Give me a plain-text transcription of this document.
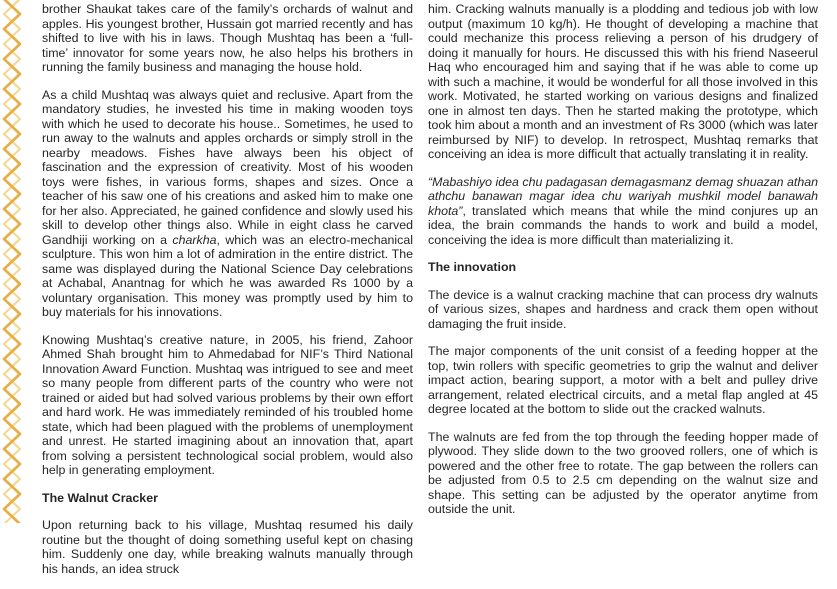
brother Shaukat takes care of the family’s orchards of walnut and apples. His youngest brother, Hussain got married recently and has shifted to live with his in laws. Though Mushtaq has been a ‘full-time’ innovator for some years now, he also helps his brothers in running the family business and managing the house hold.

As a child Mushtaq was always quiet and reclusive. Apart from the mandatory studies, he invested his time in making wooden toys with which he used to decorate his house.. Sometimes, he used to run away to the walnuts and apples orchards or simply stroll in the nearby meadows. Fishes have always been his object of fascination and the expression of creativity. Most of his wooden toys were fishes, in various forms, shapes and sizes. Once a teacher of his saw one of his creations and asked him to make one for her also. Appreciated, he gained confidence and slowly used his skill to develop other things also. While in eight class he carved Gandhiji working on a charkha, which was an electro-mechanical sculpture. This won him a lot of admiration in the entire district. The same was displayed during the National Science Day celebrations at Achabal, Anantnag for which he was awarded Rs 1000 by a voluntary organisation. This money was promptly used by him to buy materials for his innovations.

Knowing Mushtaq’s creative nature, in 2005, his friend, Zahoor Ahmed Shah brought him to Ahmedabad for NIF’s Third National Innovation Award Function. Mushtaq was intrigued to see and meet so many people from different parts of the country who were not trained or aided but had solved various problems by their own effort and hard work. He was immediately reminded of his troubled home state, which had been plagued with the problems of unemployment and unrest. He started imagining about an innovation that, apart from solving a persistent technological social problem, would also help in generating employment.

The Walnut Cracker

Upon returning back to his village, Mushtaq resumed his daily routine but the thought of doing something useful kept on chasing him. Suddenly one day, while breaking walnuts manually through his hands, an idea struck

him. Cracking walnuts manually is a plodding and tedious job with low output (maximum 10 kg/h). He thought of developing a machine that could mechanize this process relieving a person of his drudgery of doing it manually for hours. He discussed this with his friend Naseerul Haq who encouraged him and saying that if he was able to come up with such a machine, it would be wonderful for all those involved in this work. Motivated, he started working on various designs and finalized one in almost ten days. Then he started making the prototype, which took him about a month and an investment of Rs 3000 (which was later reimbursed by NIF) to develop. In retrospect, Mushtaq remarks that conceiving an idea is more difficult that actually translating it in reality.

“Mabashiyo idea chu padagasan demagasmanz demag shuazan athan athchu banawan magar idea chu wariyah mushkil model banawah khota”, translated which means that while the mind conjures up an idea, the brain commands the hands to work and build a model, conceiving the idea is more difficult than materializing it.

The innovation

The device is a walnut cracking machine that can process dry walnuts of various sizes, shapes and hardness and crack them open without damaging the fruit inside.

The major components of the unit consist of a feeding hopper at the top, twin rollers with specific geometries to grip the walnut and deliver impact action, bearing support, a motor with a belt and pulley drive arrangement, related electrical circuits, and a metal flap angled at 45 degree located at the bottom to slide out the cracked walnuts.

The walnuts are fed from the top through the feeding hopper made of plywood. They slide down to the two grooved rollers, one of which is powered and the other free to rotate. The gap between the rollers can be adjusted from 0.5 to 2.5 cm depending on the walnut size and shape. This setting can be adjusted by the operator anytime from outside the unit.
